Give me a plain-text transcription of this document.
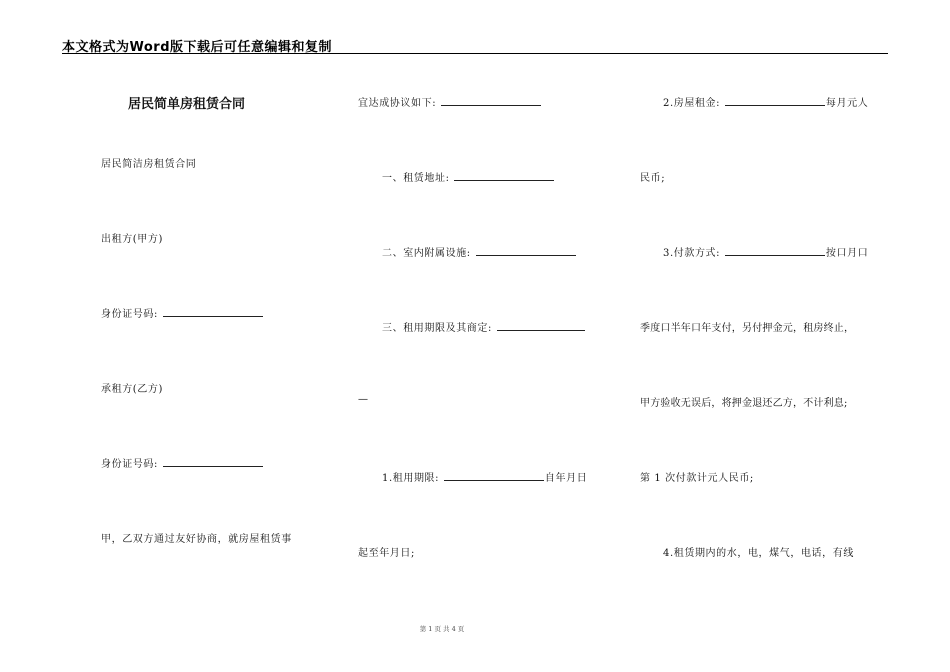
本文格式为Word版下载后可任意编辑和复制
居民简单房租赁合同
居民简洁房租赁合同
出租方(甲方)
身份证号码:
承租方(乙方)
身份证号码:
甲，乙双方通过友好协商，就房屋租赁事
宜达成协议如下:
一、租赁地址:
二、室内附属设施:
三、租用期限及其商定:
—
1.租用期限:	自年月日
起至年月日;
2.房屋租金:	每月元人
民币;
3.付款方式:	按口月口
季度口半年口年支付，另付押金元，租房终止，
甲方验收无误后，将押金退还乙方，不计利息;
第 1 次付款计元人民币;
4.租赁期内的水，电，煤气，电话，有线
第 1 页 共 4 页
